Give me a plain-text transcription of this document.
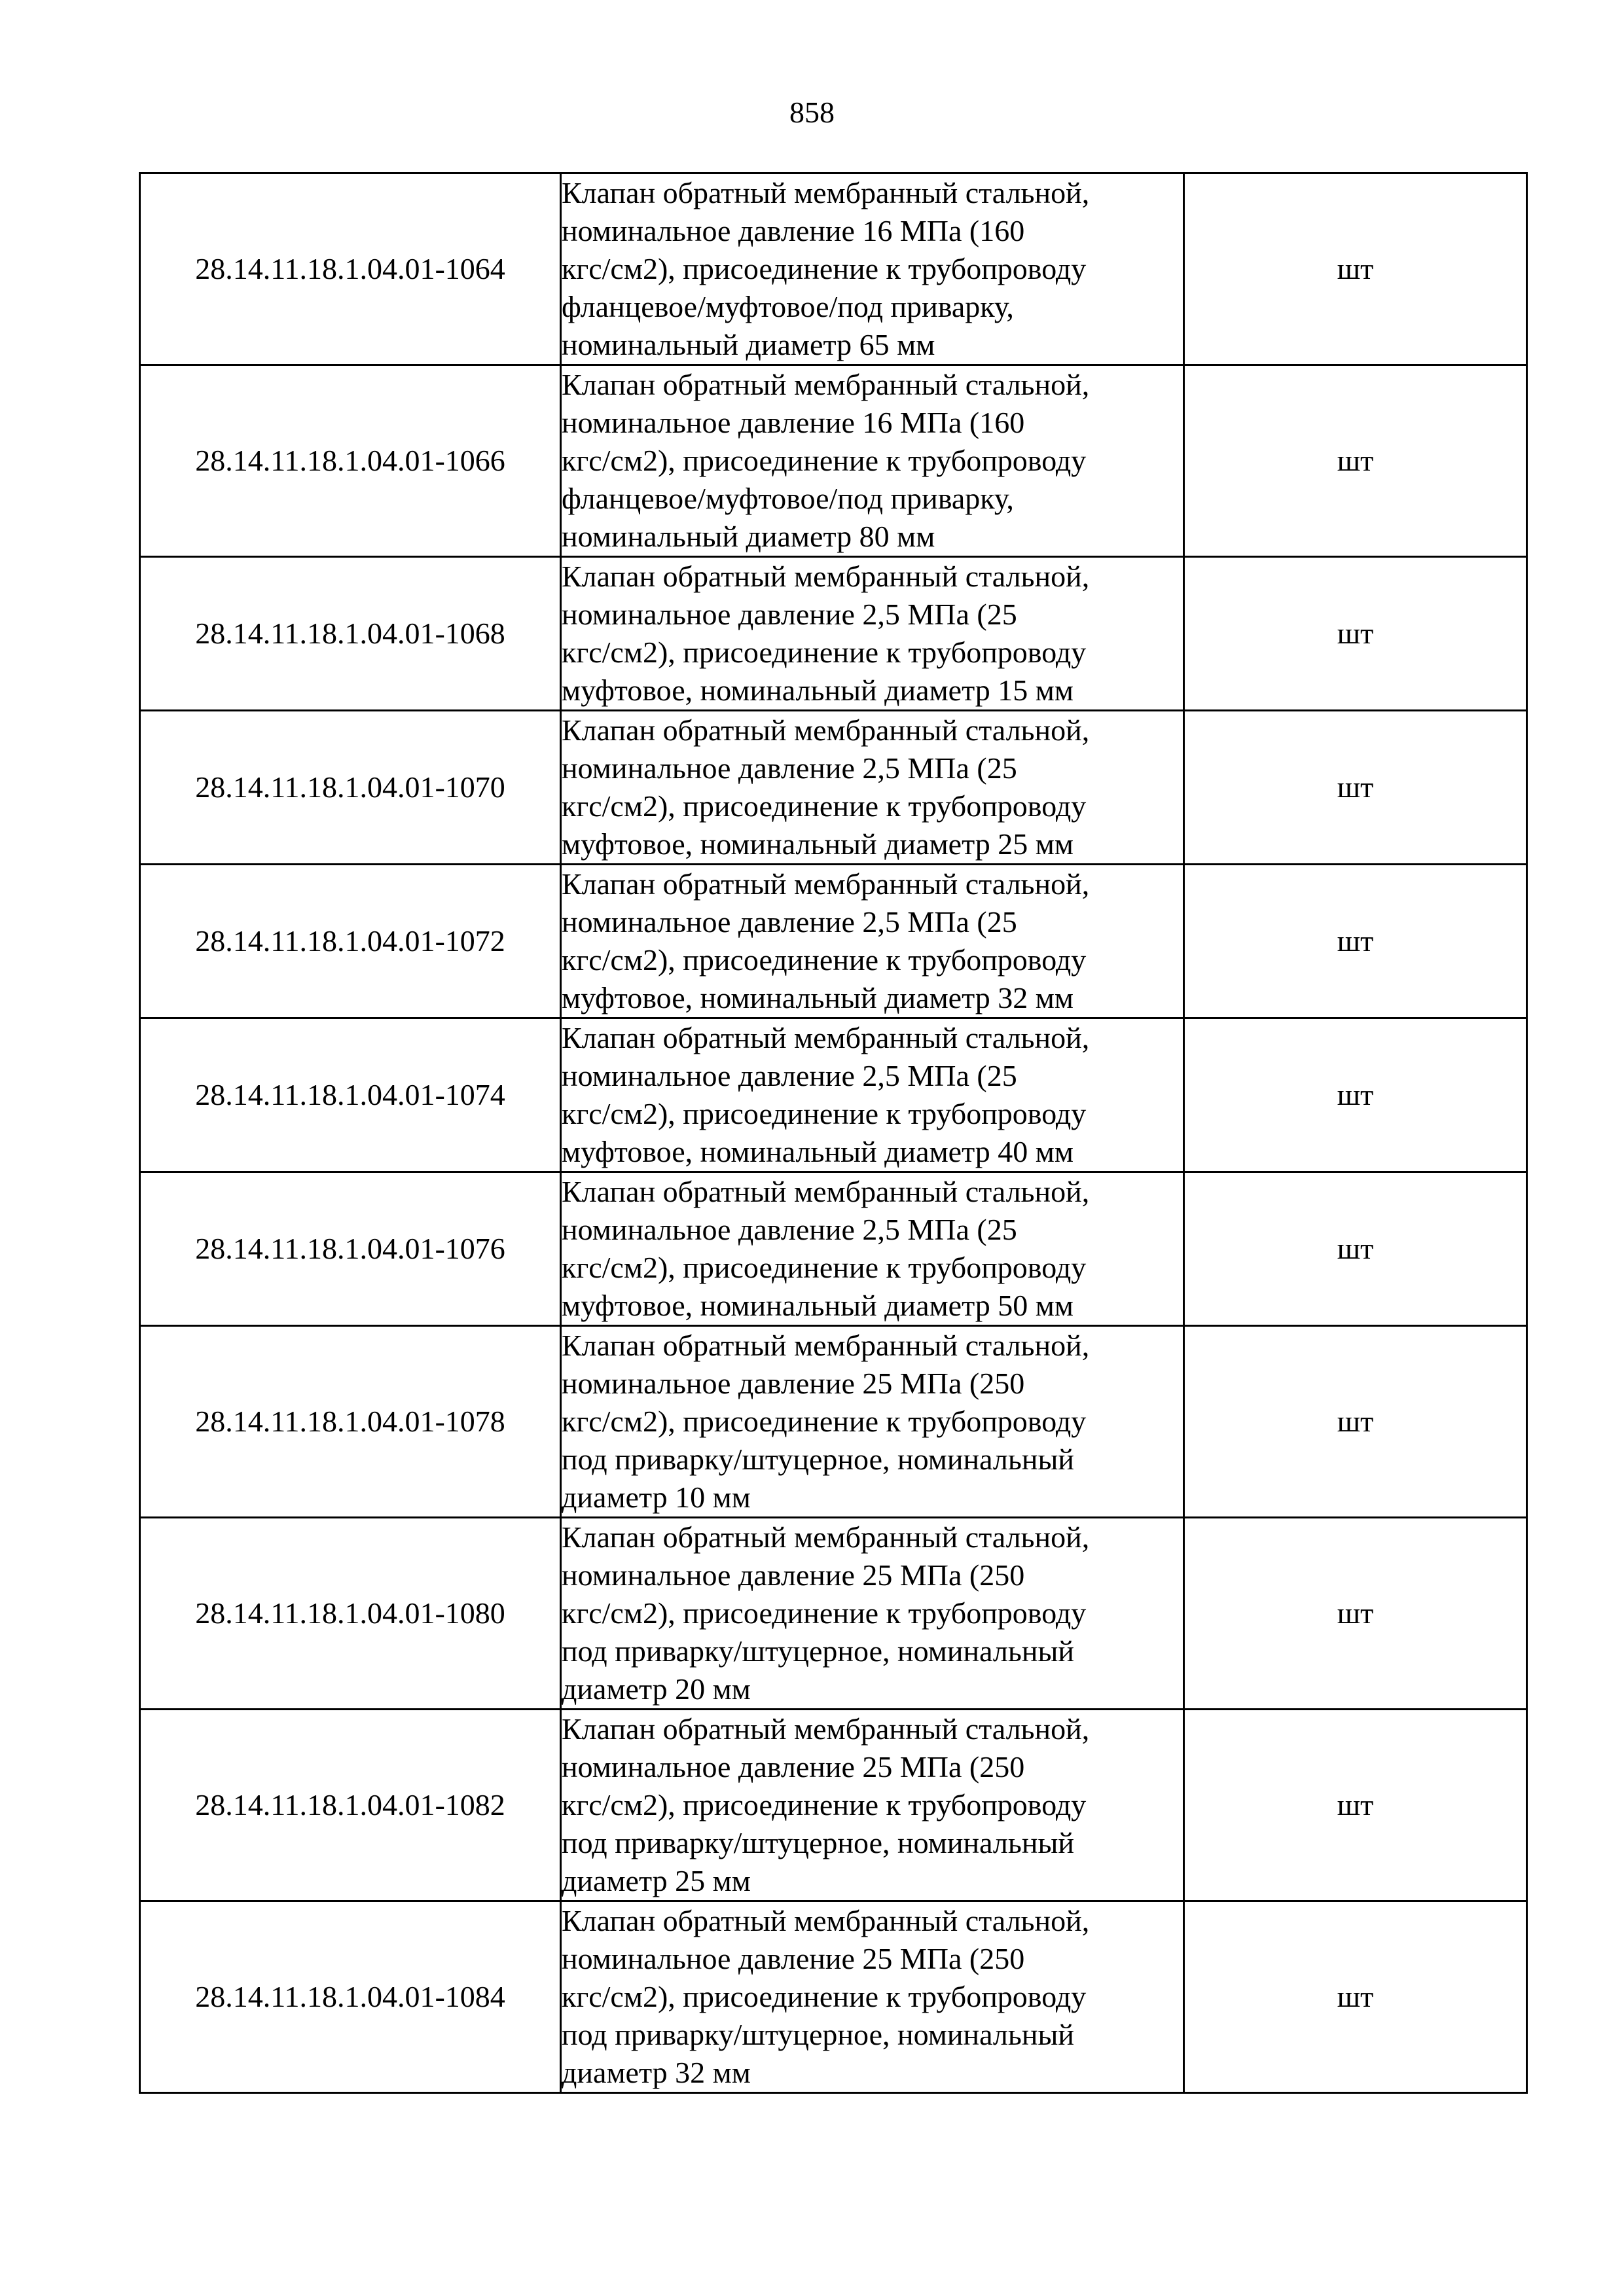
858
28.14.11.18.1.04.01-1064	Клапан обратный мембранный стальной,
номинальное давление 16 МПа (160
кгс/см2), присоединение к трубопроводу
фланцевое/муфтовое/под приварку,
номинальный диаметр 65 мм	шт
28.14.11.18.1.04.01-1066	Клапан обратный мембранный стальной,
номинальное давление 16 МПа (160
кгс/см2), присоединение к трубопроводу
фланцевое/муфтовое/под приварку,
номинальный диаметр 80 мм	шт
28.14.11.18.1.04.01-1068	Клапан обратный мембранный стальной,
номинальное давление 2,5 МПа (25
кгс/см2), присоединение к трубопроводу
муфтовое, номинальный диаметр 15 мм	шт
28.14.11.18.1.04.01-1070	Клапан обратный мембранный стальной,
номинальное давление 2,5 МПа (25
кгс/см2), присоединение к трубопроводу
муфтовое, номинальный диаметр 25 мм	шт
28.14.11.18.1.04.01-1072	Клапан обратный мембранный стальной,
номинальное давление 2,5 МПа (25
кгс/см2), присоединение к трубопроводу
муфтовое, номинальный диаметр 32 мм	шт
28.14.11.18.1.04.01-1074	Клапан обратный мембранный стальной,
номинальное давление 2,5 МПа (25
кгс/см2), присоединение к трубопроводу
муфтовое, номинальный диаметр 40 мм	шт
28.14.11.18.1.04.01-1076	Клапан обратный мембранный стальной,
номинальное давление 2,5 МПа (25
кгс/см2), присоединение к трубопроводу
муфтовое, номинальный диаметр 50 мм	шт
28.14.11.18.1.04.01-1078	Клапан обратный мембранный стальной,
номинальное давление 25 МПа (250
кгс/см2), присоединение к трубопроводу
под приварку/штуцерное, номинальный
диаметр 10 мм	шт
28.14.11.18.1.04.01-1080	Клапан обратный мембранный стальной,
номинальное давление 25 МПа (250
кгс/см2), присоединение к трубопроводу
под приварку/штуцерное, номинальный
диаметр 20 мм	шт
28.14.11.18.1.04.01-1082	Клапан обратный мембранный стальной,
номинальное давление 25 МПа (250
кгс/см2), присоединение к трубопроводу
под приварку/штуцерное, номинальный
диаметр 25 мм	шт
28.14.11.18.1.04.01-1084	Клапан обратный мембранный стальной,
номинальное давление 25 МПа (250
кгс/см2), присоединение к трубопроводу
под приварку/штуцерное, номинальный
диаметр 32 мм	шт
